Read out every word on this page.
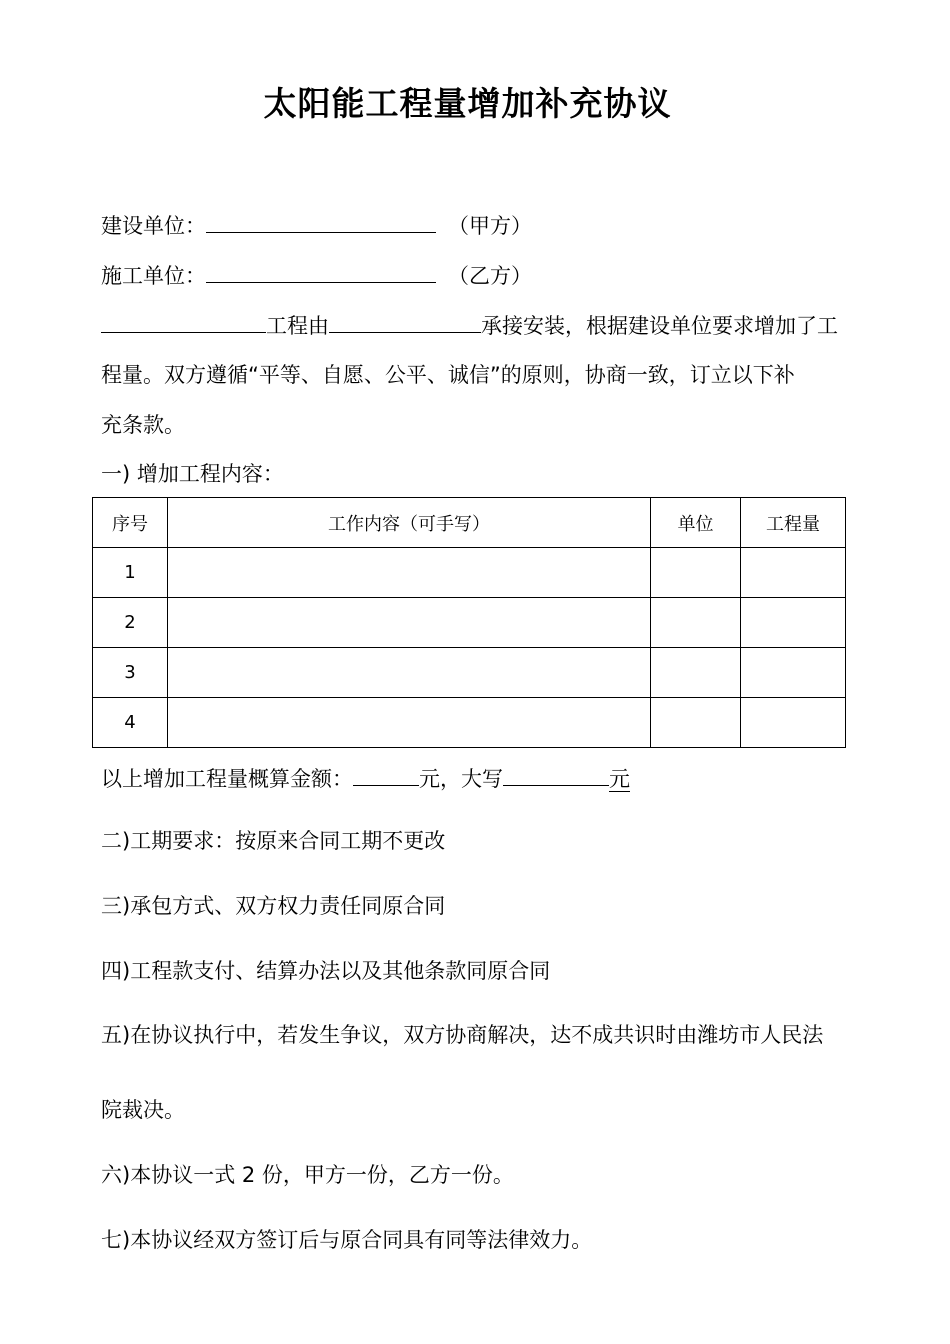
太阳能工程量增加补充协议
建设单位：	（甲方）
施工单位：	（乙方）
工程由	承接安装，根据建设单位要求增加了工
程量。双方遵循“平等、自愿、公平、诚信”的原则，协商一致，订立以下补
充条款。
一) 增加工程内容：
序号	工作内容（可手写）	单位	工程量
1			
2			
3			
4			
以上增加工程量概算金额：	元，大写	元
二)工期要求：按原来合同工期不更改
三)承包方式、双方权力责任同原合同
四)工程款支付、结算办法以及其他条款同原合同
五)在协议执行中，若发生争议，双方协商解决，达不成共识时由潍坊市人民法
院裁决。
六)本协议一式 2 份，甲方一份，乙方一份。
七)本协议经双方签订后与原合同具有同等法律效力。
